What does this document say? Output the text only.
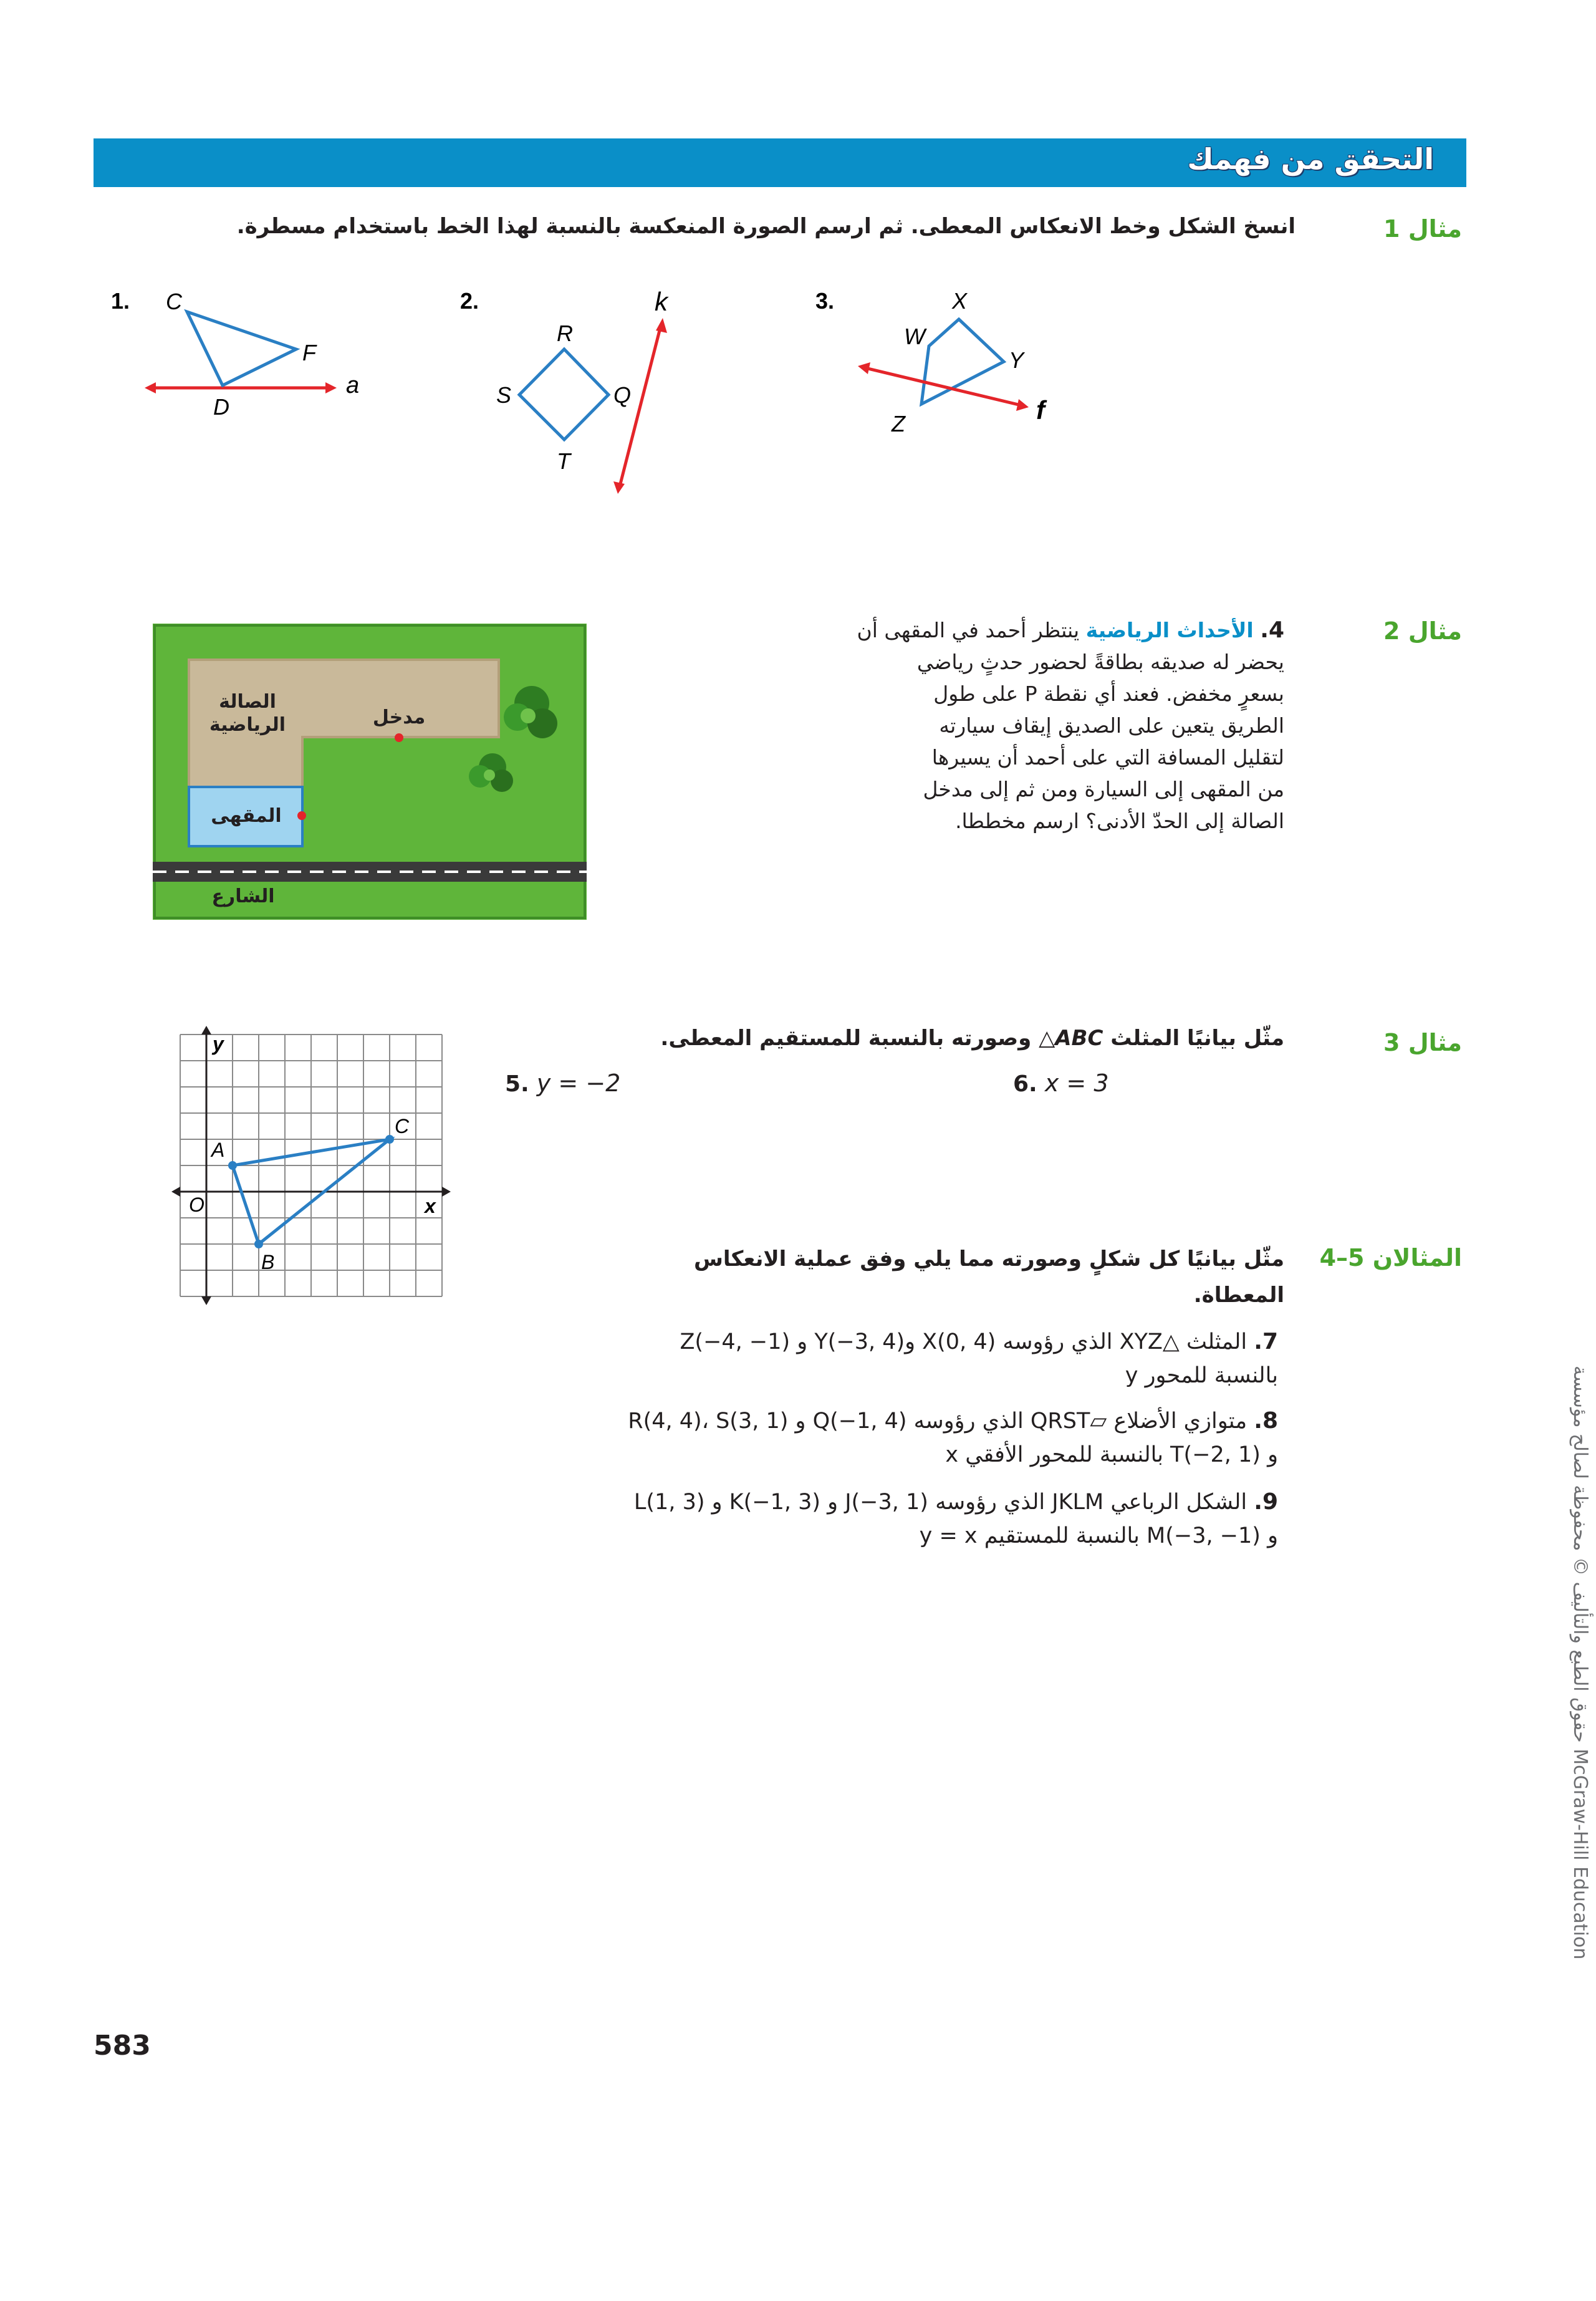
التحقق من فهمك
مثال 1
انسخ الشكل وخط الانعكاس المعطى. ثم ارسم الصورة المنعكسة بالنسبة لهذا الخط باستخدام مسطرة.
1. C
F
D
a
2.
R
S	Q
T
k	3.	X
W
Y
Z	f
مثال 2
4. الأحداث الرياضية ينتظر أحمد في المقهى أن
يحضر له صديقه بطاقةً لحضور حدثٍ رياضي
بسعرٍ مخفض. فعند أي نقطة P على طول
الطريق يتعين على الصديق إيقاف سيارته
لتقليل المسافة التي على أحمد أن يسيرها
من المقهى إلى السيارة ومن ثم إلى مدخل
الصالة إلى الحدّ الأدنى؟ ارسم مخططا.
الصالة
الرياضية	مدخل
المقهى
الشارع
مثال 3
مثّل بيانيًا المثلث △ABC وصورته بالنسبة للمستقيم المعطى.
5. y = −2	6. x = 3
A
B
C
y
x
O
المثالان 5–4
مثّل بيانيًا كل شكلٍ وصورته مما يلي وفق عملية الانعكاس
المعطاة.
7. المثلث △XYZ الذي رؤوسه X(0, 4) وY(−3, 4) و Z(−4, −1)
بالنسبة للمحور y
8. متوازي الأضلاع ▱QRST الذي رؤوسه Q(−1, 4) و R(4, 4)، S(3, 1)
و T(−2, 1) بالنسبة للمحور الأفقي x
9. الشكل الرباعي JKLM الذي رؤوسه J(−3, 1) و K(−1, 3) و L(1, 3)
و M(−3, −1) بالنسبة للمستقيم y = x	حقوق الطبع والتأليف © محفوظة لصالح مؤسسة McGraw-Hill Education
583
